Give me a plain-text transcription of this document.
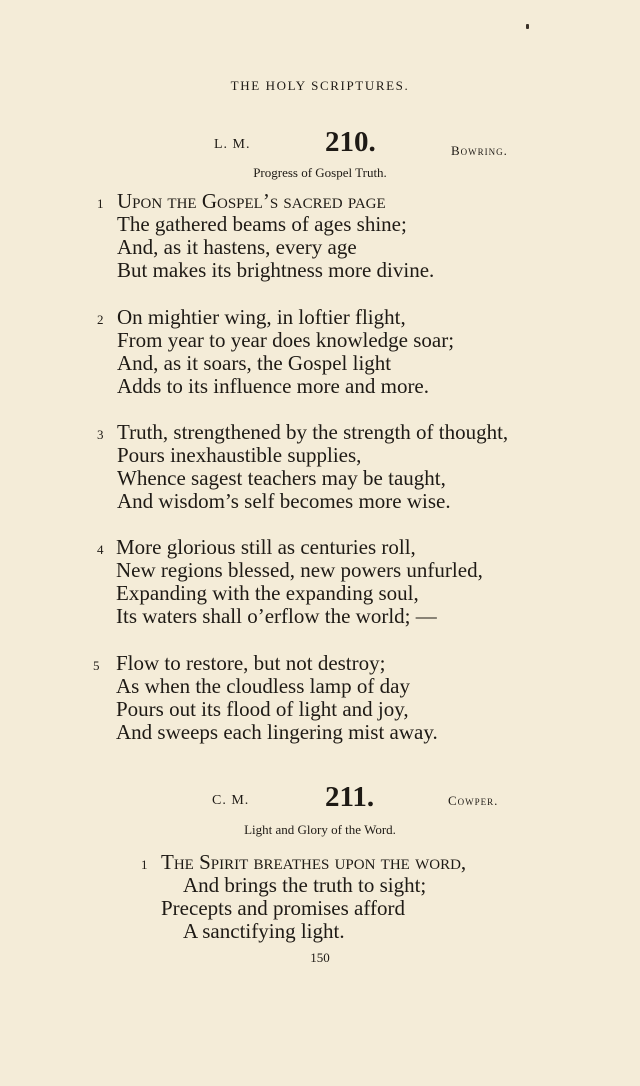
THE HOLY SCRIPTURES.
L. M.	210.	Bowring.
Progress of Gospel Truth.
1 Upon the Gospel’s sacred page
The gathered beams of ages shine;
And, as it hastens, every age
But makes its brightness more divine.
2 On mightier wing, in loftier flight,
From year to year does knowledge soar;
And, as it soars, the Gospel light
Adds to its influence more and more.
3 Truth, strengthened by the strength of thought,
Pours inexhaustible supplies,
Whence sagest teachers may be taught,
And wisdom’s self becomes more wise.
4 More glorious still as centuries roll,
New regions blessed, new powers unfurled,
Expanding with the expanding soul,
Its waters shall o’erflow the world; —
5 Flow to restore, but not destroy;
As when the cloudless lamp of day
Pours out its flood of light and joy,
And sweeps each lingering mist away.
C. M.	211.	Cowper.
Light and Glory of the Word.
1 The Spirit breathes upon the word,
And brings the truth to sight;
Precepts and promises afford
A sanctifying light.
150
